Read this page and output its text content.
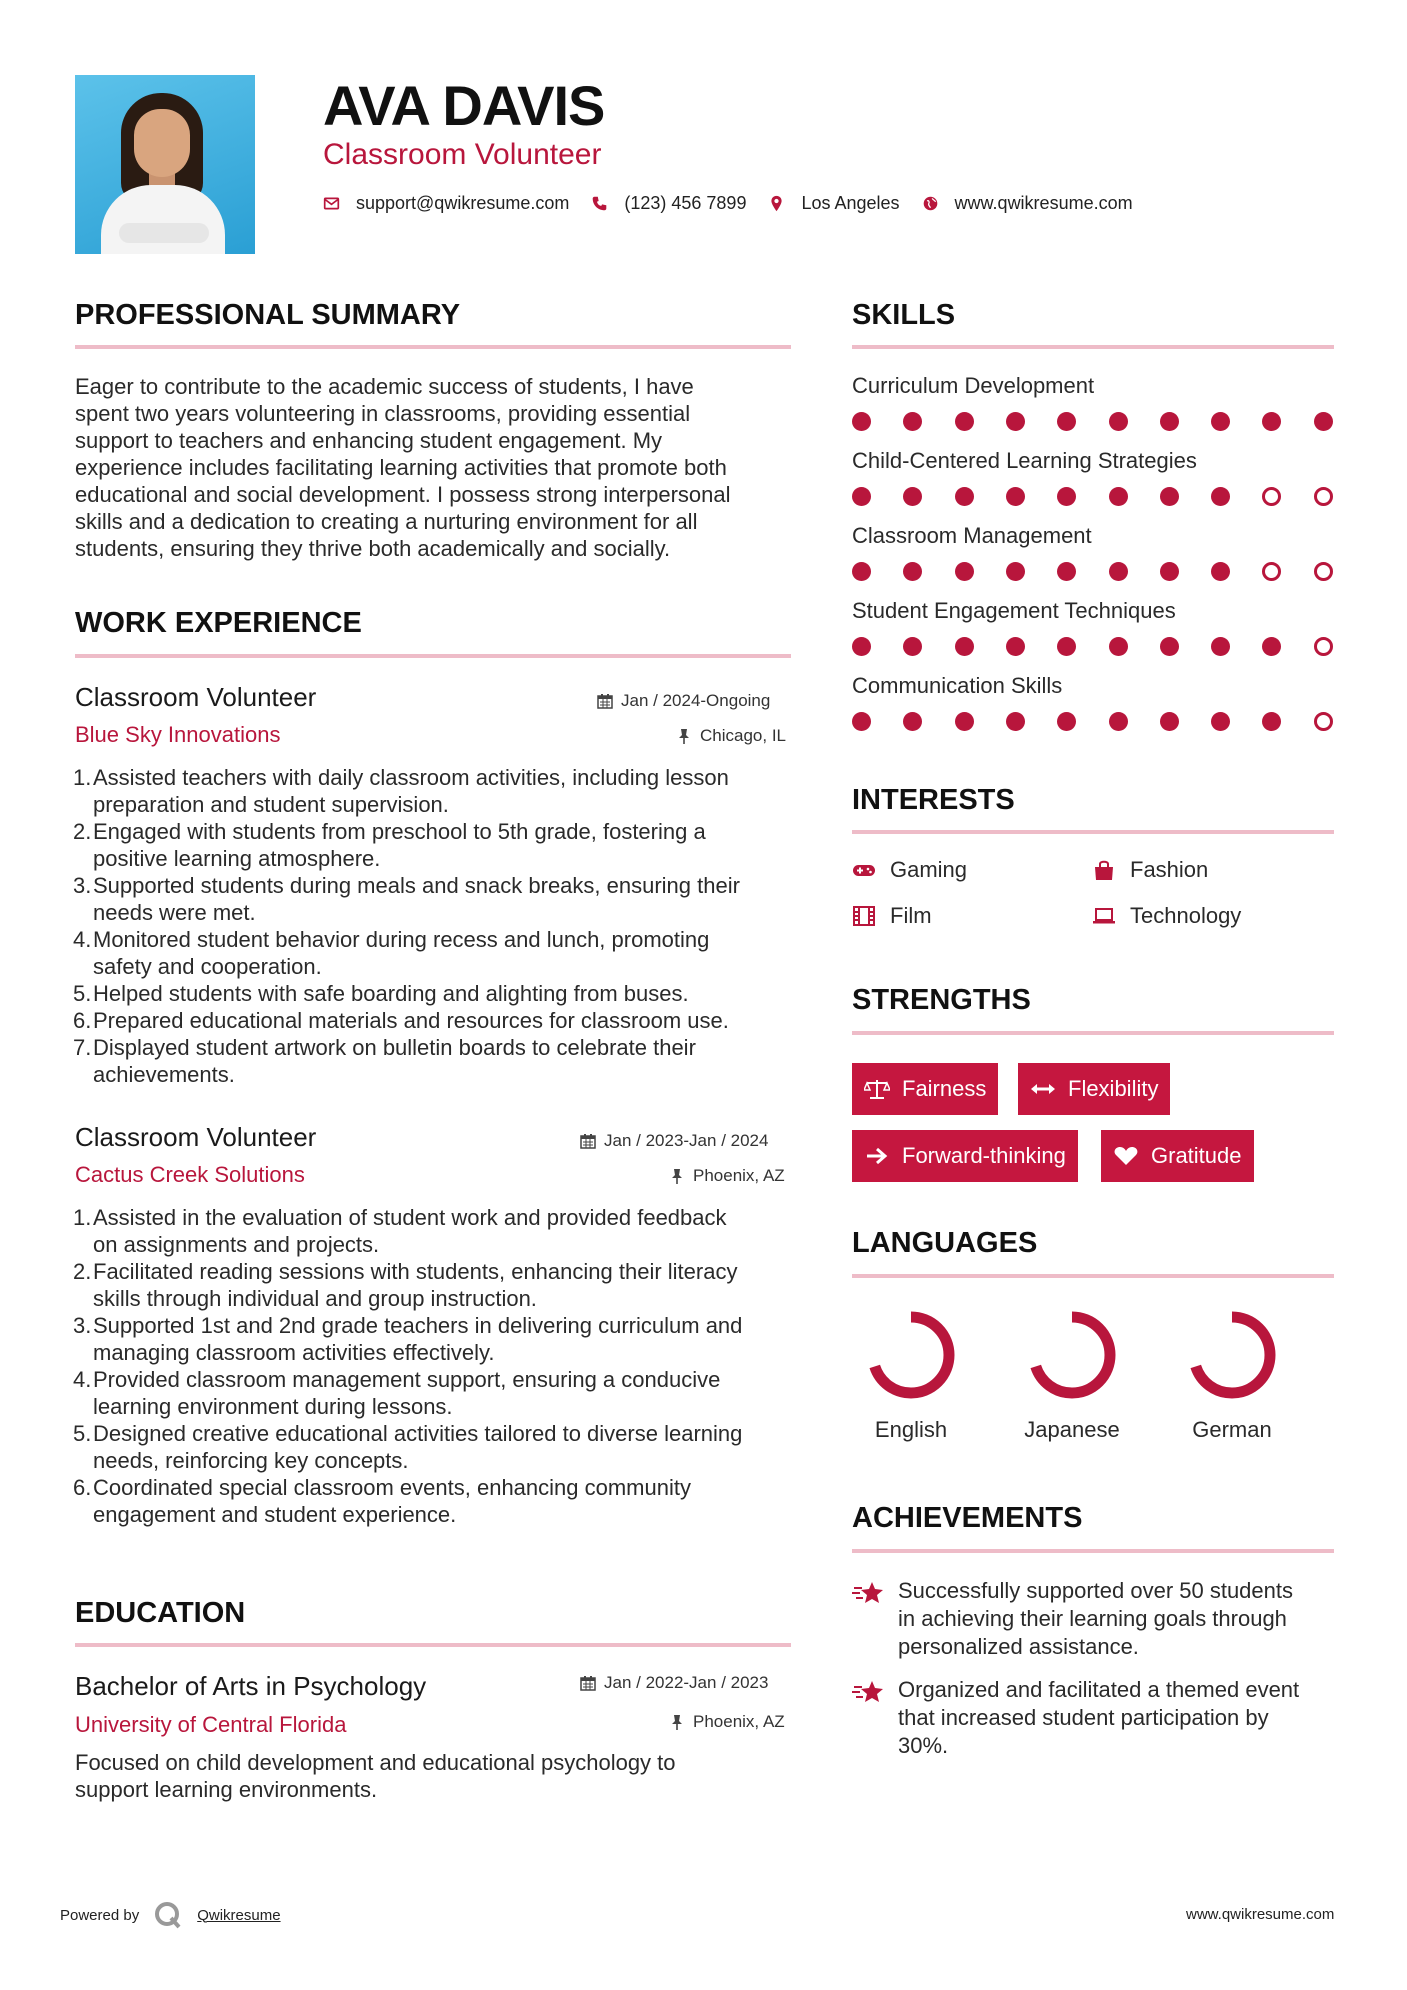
AVA DAVIS
Classroom Volunteer
support@qwikresume.com	(123) 456 7899	Los Angeles	www.qwikresume.com
PROFESSIONAL SUMMARY
Eager to contribute to the academic success of students, I have
spent two years volunteering in classrooms, providing essential
support to teachers and enhancing student engagement. My
experience includes facilitating learning activities that promote both
educational and social development. I possess strong interpersonal
skills and a dedication to creating a nurturing environment for all
students, ensuring they thrive both academically and socially.
WORK EXPERIENCE
Classroom Volunteer
Blue Sky Innovations
Jan / 2024-Ongoing
Chicago, IL
1. Assisted teachers with daily classroom activities, including lesson
preparation and student supervision.
2. Engaged with students from preschool to 5th grade, fostering a
positive learning atmosphere.
3. Supported students during meals and snack breaks, ensuring their
needs were met.
4. Monitored student behavior during recess and lunch, promoting
safety and cooperation.
5. Helped students with safe boarding and alighting from buses.
6. Prepared educational materials and resources for classroom use.
7. Displayed student artwork on bulletin boards to celebrate their
achievements.
Classroom Volunteer
Cactus Creek Solutions
Jan / 2023-Jan / 2024
Phoenix, AZ
1. Assisted in the evaluation of student work and provided feedback
on assignments and projects.
2. Facilitated reading sessions with students, enhancing their literacy
skills through individual and group instruction.
3. Supported 1st and 2nd grade teachers in delivering curriculum and
managing classroom activities effectively.
4. Provided classroom management support, ensuring a conducive
learning environment during lessons.
5. Designed creative educational activities tailored to diverse learning
needs, reinforcing key concepts.
6. Coordinated special classroom events, enhancing community
engagement and student experience.
EDUCATION
Bachelor of Arts in Psychology
University of Central Florida
Jan / 2022-Jan / 2023
Phoenix, AZ
Focused on child development and educational psychology to
support learning environments.
SKILLS
Curriculum Development
Child-Centered Learning Strategies
Classroom Management
Student Engagement Techniques
Communication Skills
INTERESTS
Gaming	Fashion
Film	Technology
STRENGTHS
Fairness	Flexibility
Forward-thinking	Gratitude
LANGUAGES
English	Japanese	German
ACHIEVEMENTS
Successfully supported over 50 students
in achieving their learning goals through
personalized assistance.
Organized and facilitated a themed event
that increased student participation by
30%.
Powered by	Qwikresume	www.qwikresume.com
